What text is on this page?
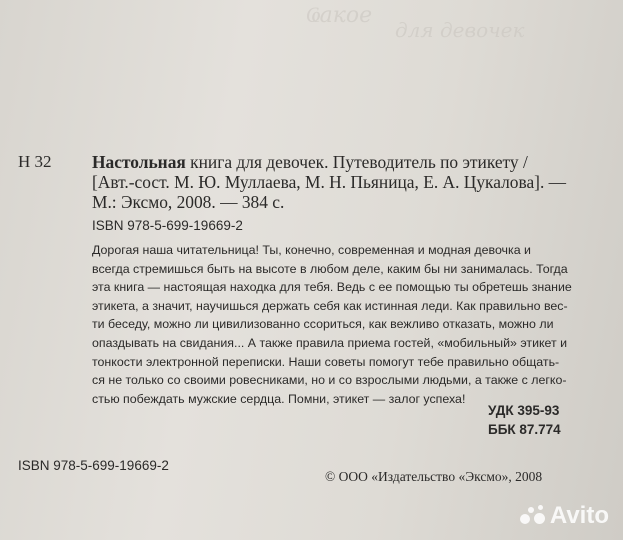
Ҩакое
для девочек
Н 32 Настольная книга для девочек. Путеводитель по этикету /
[Авт.-сост. М. Ю. Муллаева, М. Н. Пьяница, Е. А. Цукалова]. —
М.: Эксмо, 2008. — 384 с.
ISBN 978-5-699-19669-2
Дорогая наша читательница! Ты, конечно, современная и модная девочка и
всегда стремишься быть на высоте в любом деле, каким бы ни занималась. Тогда
эта книга — настоящая находка для тебя. Ведь с ее помощью ты обретешь знание
этикета, а значит, научишься держать себя как истинная леди. Как правильно вес-
ти беседу, можно ли цивилизованно ссориться, как вежливо отказать, можно ли
опаздывать на свидания... А также правила приема гостей, «мобильный» этикет и
тонкости электронной переписки. Наши советы помогут тебе правильно общать-
ся не только со своими ровесниками, но и со взрослыми людьми, а также с легко-
стью побеждать мужские сердца. Помни, этикет — залог успеха!
УДК 395-93
ББК 87.774
ISBN 978-5-699-19669-2
© ООО «Издательство «Эксмо», 2008
Avito
